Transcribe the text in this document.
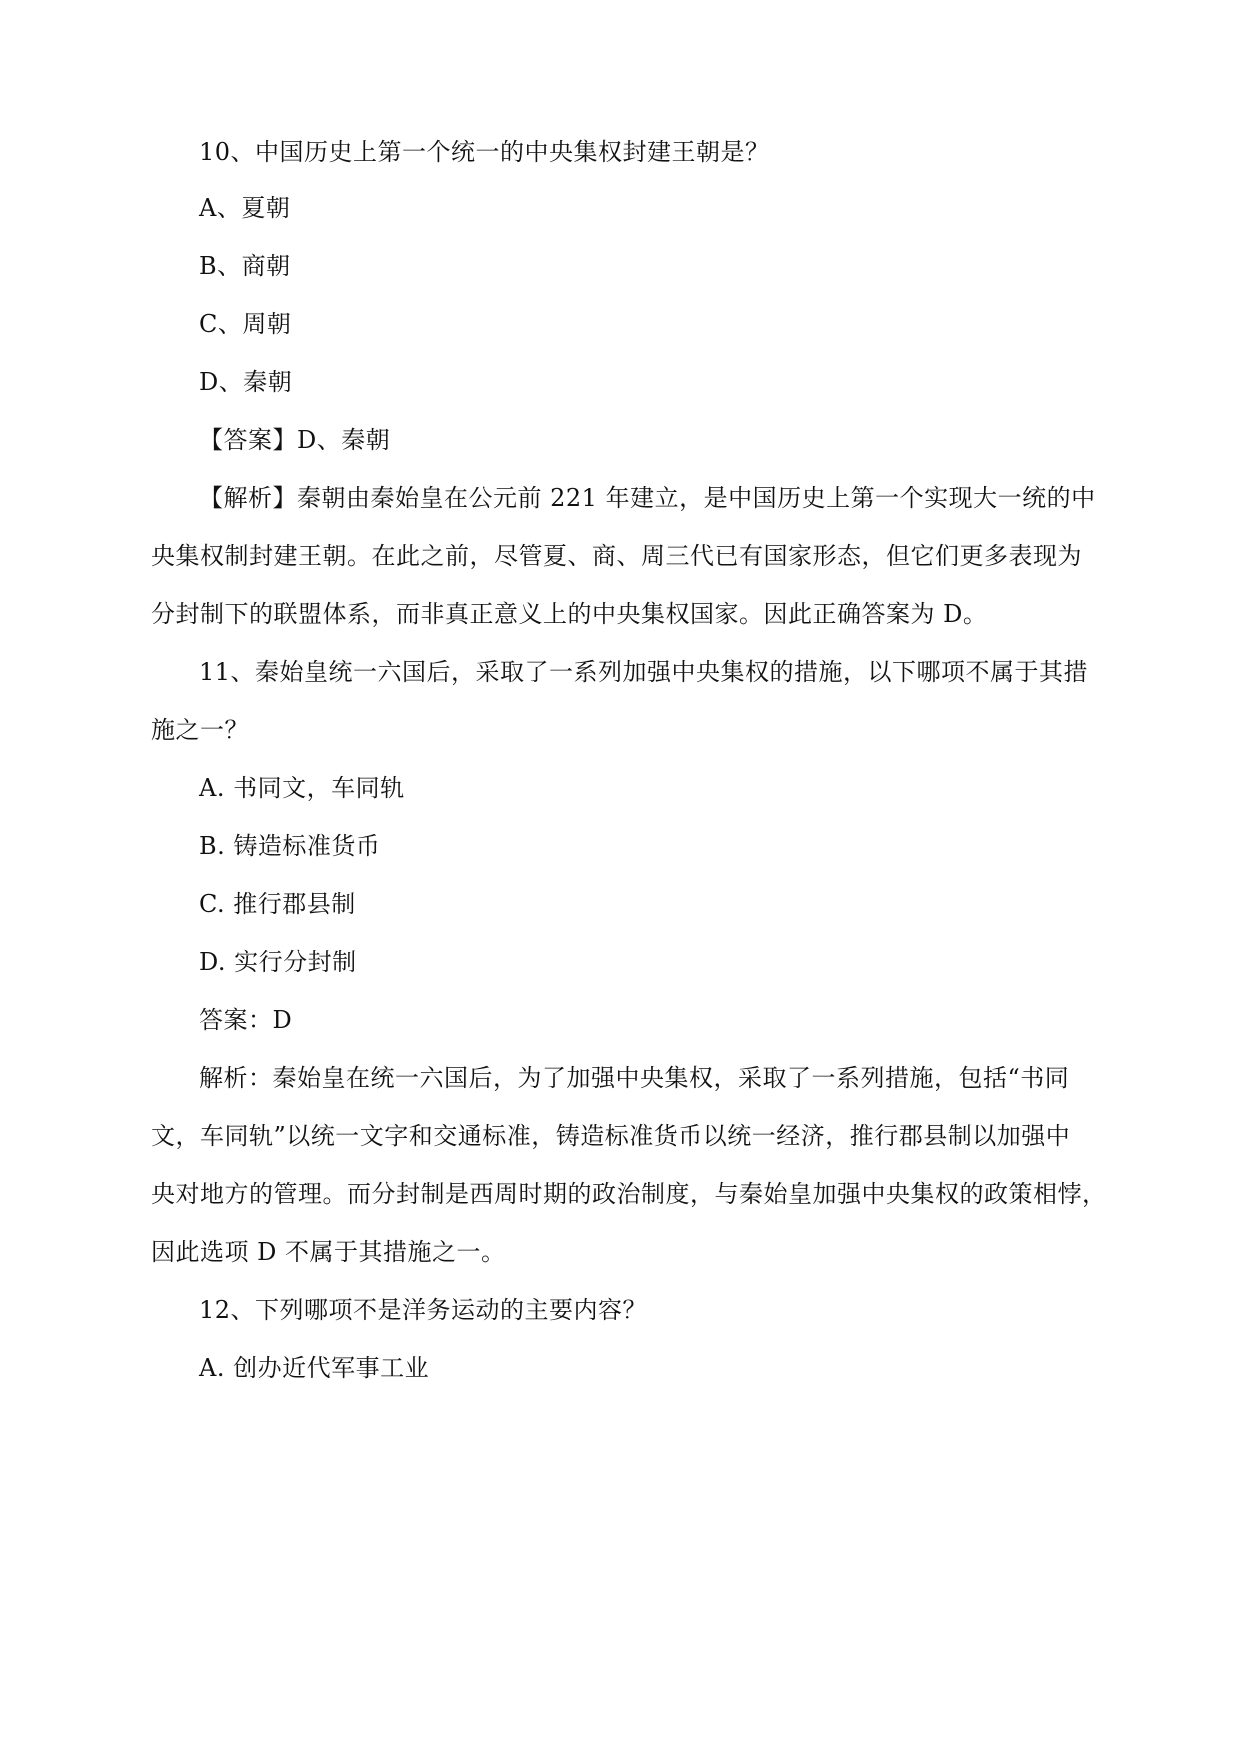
10、中国历史上第一个统一的中央集权封建王朝是？
A、夏朝
B、商朝
C、周朝
D、秦朝
【答案】D、秦朝
【解析】秦朝由秦始皇在公元前 221 年建立，是中国历史上第一个实现大一统的中
央集权制封建王朝。在此之前，尽管夏、商、周三代已有国家形态，但它们更多表现为
分封制下的联盟体系，而非真正意义上的中央集权国家。因此正确答案为 D。
11、秦始皇统一六国后，采取了一系列加强中央集权的措施，以下哪项不属于其措
施之一？
A. 书同文，车同轨
B. 铸造标准货币
C. 推行郡县制
D. 实行分封制
答案：D
解析：秦始皇在统一六国后，为了加强中央集权，采取了一系列措施，包括“书同
文，车同轨”以统一文字和交通标准，铸造标准货币以统一经济，推行郡县制以加强中
央对地方的管理。而分封制是西周时期的政治制度，与秦始皇加强中央集权的政策相悖，
因此选项 D 不属于其措施之一。
12、下列哪项不是洋务运动的主要内容？
A. 创办近代军事工业
